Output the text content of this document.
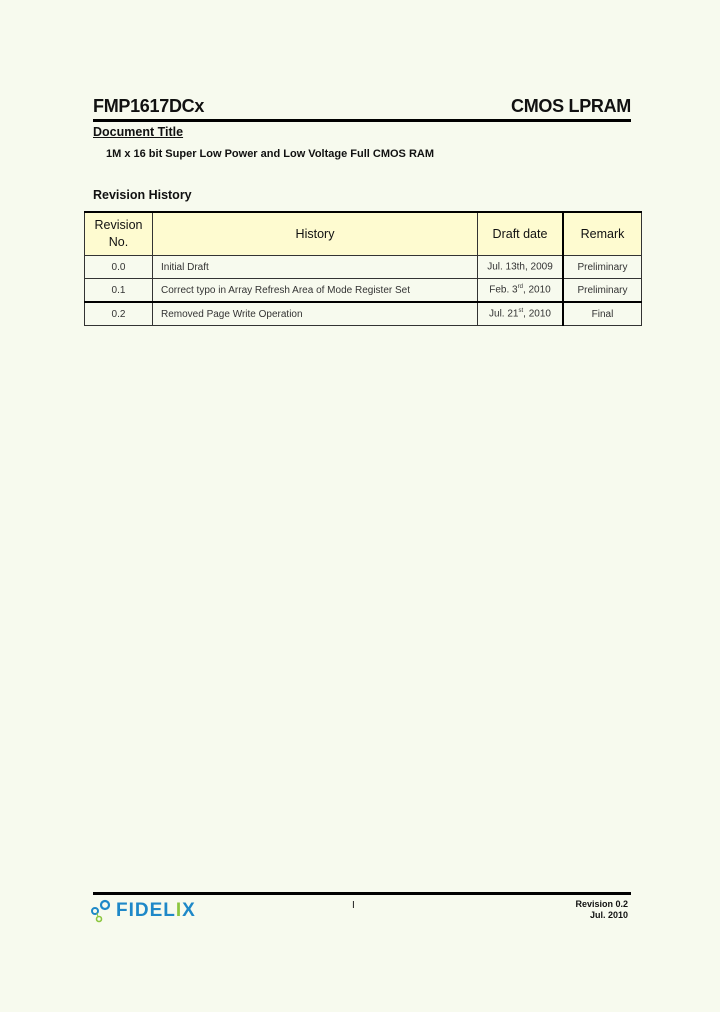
FMP1617DCx	CMOS LPRAM
Document Title
1M x 16 bit Super Low Power and Low Voltage Full CMOS RAM
Revision History
Revision
No.	History	Draft date	Remark
0.0	Initial Draft	Jul. 13th, 2009	Preliminary
0.1	Correct typo in Array Refresh Area of Mode Register Set	Feb. 3rd, 2010	Preliminary
0.2	Removed Page Write Operation	Jul. 21st, 2010	Final
FIDELIX	I	Revision 0.2
Jul. 2010
